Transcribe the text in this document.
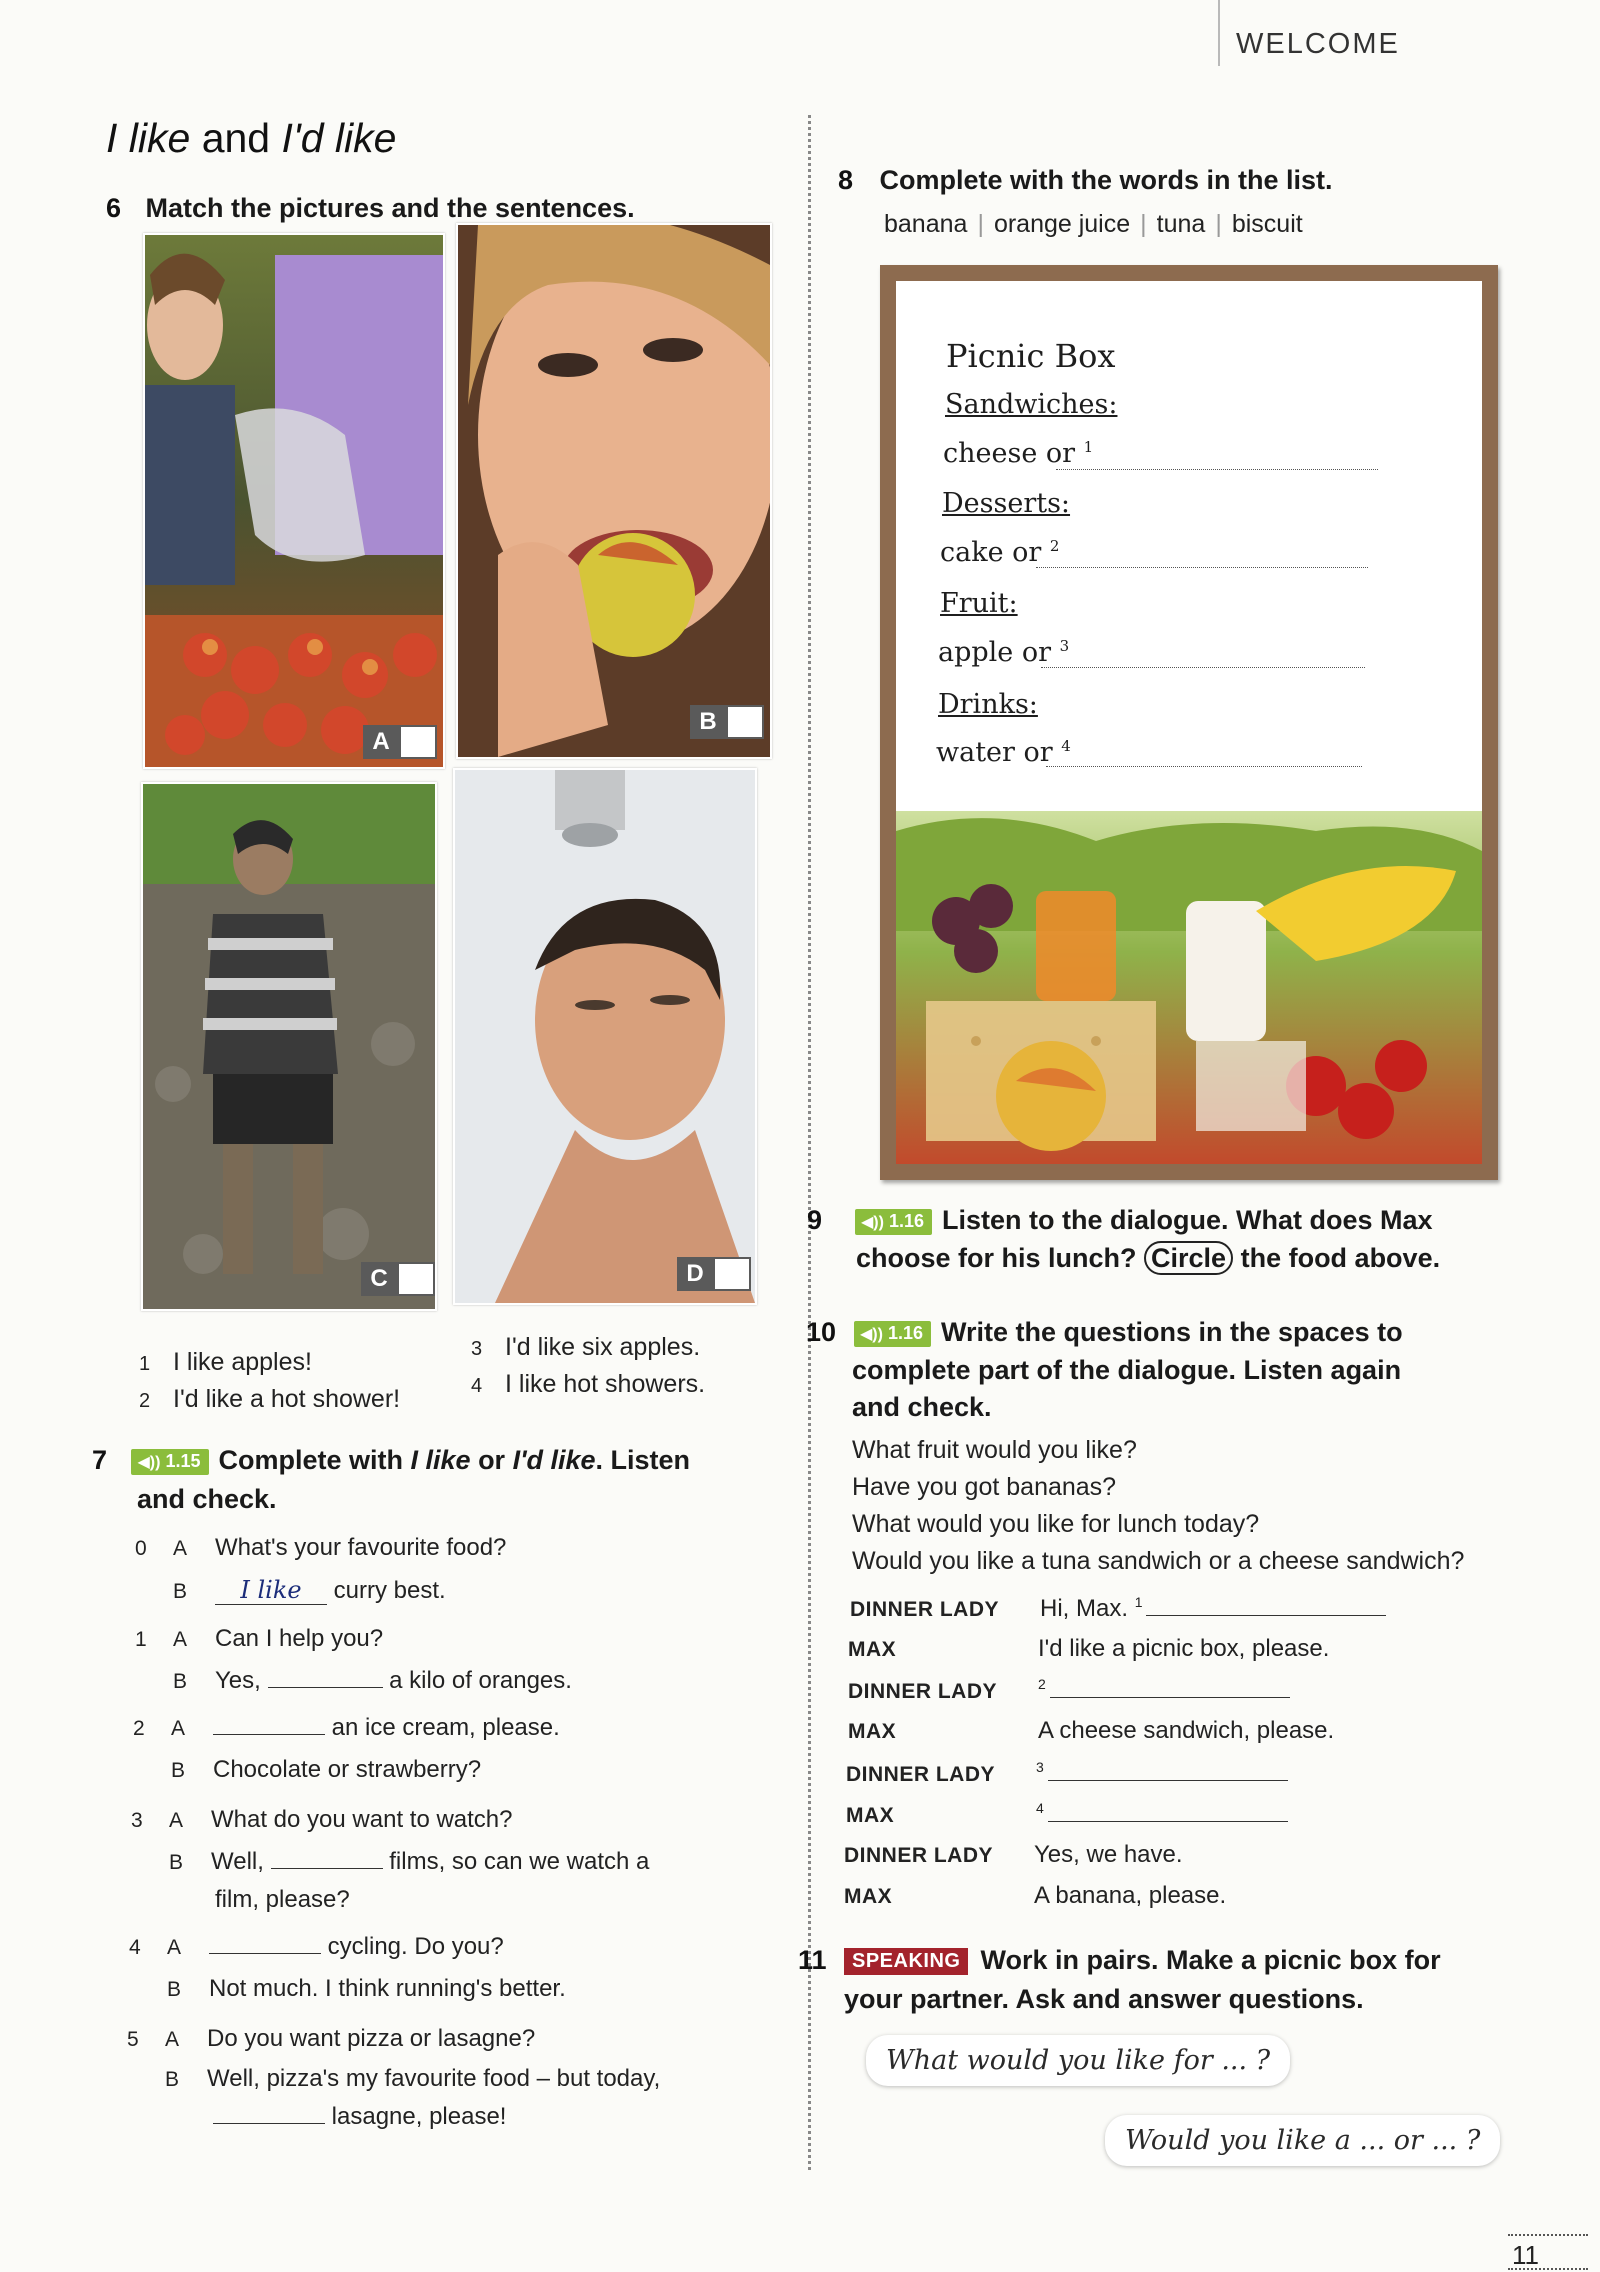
WELCOME
I like and I'd like
6 Match the pictures and the sentences.
A
B
C	D
1 I like apples!
2 I'd like a hot shower!
3 I'd like six apples.
4 I like hot showers.
7 ◀)) 1.15 Complete with I like or I'd like. Listen
and check.
0 A What's your favourite food?
B I like curry best.
1 A Can I help you?
B Yes,	a kilo of oranges.
2 A	an ice cream, please.
B Chocolate or strawberry?
3 A What do you want to watch?
B Well,	films, so can we watch a
film, please?
4 A	cycling. Do you?
B Not much. I think running's better.
5 A Do you want pizza or lasagne?
B Well, pizza's my favourite food – but today,
lasagne, please!
8 Complete with the words in the list.
banana | orange juice | tuna | biscuit
Picnic Box
Sandwiches:
cheese or $^1$
Desserts:
cake or $^2$
Fruit:
apple or $^3$
Drinks:
water or $^4$
9 ◀)) 1.16 Listen to the dialogue. What does Max
choose for his lunch? Circle the food above.
10 ◀)) 1.16 Write the questions in the spaces to
complete part of the dialogue. Listen again
and check.
What fruit would you like?
Have you got bananas?
What would you like for lunch today?
Would you like a tuna sandwich or a cheese sandwich?
DINNER LADY Hi, Max. $^1$
MAX	I'd like a picnic box, please.
DINNER LADY	$^2$
MAX	A cheese sandwich, please.
DINNER LADY	$^3$
MAX	$^4$
DINNER LADY Yes, we have.
MAX	A banana, please.
11 SPEAKING Work in pairs. Make a picnic box for
your partner. Ask and answer questions.
What would you like for ... ?
Would you like a ... or ... ?
11
